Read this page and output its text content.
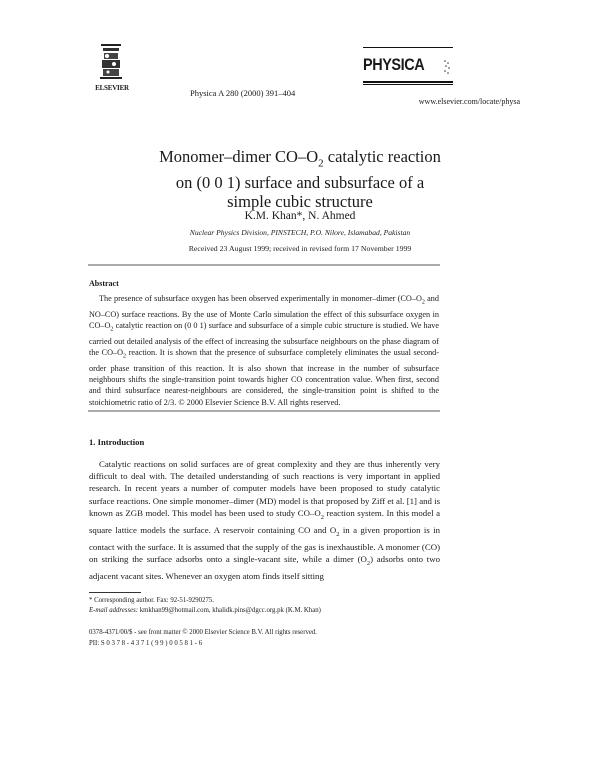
ELSEVIER	Physica A 280 (2000) 391–404
PHYSICA
www.elsevier.com/locate/physa
Monomer–dimer $CO-O_2$ catalytic reaction
on (0 0 1) surface and subsurface of a
simple cubic structure
K.M. Khan*, N. Ahmed
Nuclear Physics Division, PINSTECH, P.O. Nilore, Islamabad, Pakistan
Received 23 August 1999; received in revised form 17 November 1999
Abstract
The presence of subsurface oxygen has been observed experimentally in monomer–dimer ($CO-O_2$ and NO–CO) surface reactions. By the use of Monte Carlo simulation the effect of this subsurface oxygen in $CO-O_2$ catalytic reaction on (0 0 1) surface and subsurface of a simple cubic structure is studied. We have carried out detailed analysis of the effect of increasing the subsurface neighbours on the phase diagram of the $CO-O_2$ reaction. It is shown that the presence of subsurface completely eliminates the usual second-order phase transition of this reaction. It is also shown that increase in the number of subsurface neighbours shifts the single-transition point towards higher CO concentration value. When first, second and third subsurface nearest-neighbours are considered, the single-transition point is shifted to the stoichiometric ratio of 2/3. © 2000 Elsevier Science B.V. All rights reserved.
1. Introduction
Catalytic reactions on solid surfaces are of great complexity and they are thus inherently very difficult to deal with. The detailed understanding of such reactions is very important in applied research. In recent years a number of computer models have been proposed to study catalytic surface reactions. One simple monomer–dimer (MD) model is that proposed by Ziff et al. [1] and is known as ZGB model. This model has been used to study $CO-O_2$ reaction system. In this model a square lattice models the surface. A reservoir containing CO and $O_2$ in a given proportion is in contact with the surface. It is assumed that the supply of the gas is inexhaustible. A monomer (CO) on striking the surface adsorbs onto a single-vacant site, while a dimer $(O_2)$ adsorbs onto two adjacent vacant sites. Whenever an oxygen atom finds itself sitting
* Corresponding author. Fax: 92-51-9290275.
E-mail addresses: kmkhan99@hotmail.com, khalidk.pins@dgcc.org.pk (K.M. Khan)
0378-4371/00/$ - see front matter © 2000 Elsevier Science B.V. All rights reserved.
PII: S 0 3 7 8 - 4 3 7 1 ( 9 9 ) 0 0 5 8 1 - 6
